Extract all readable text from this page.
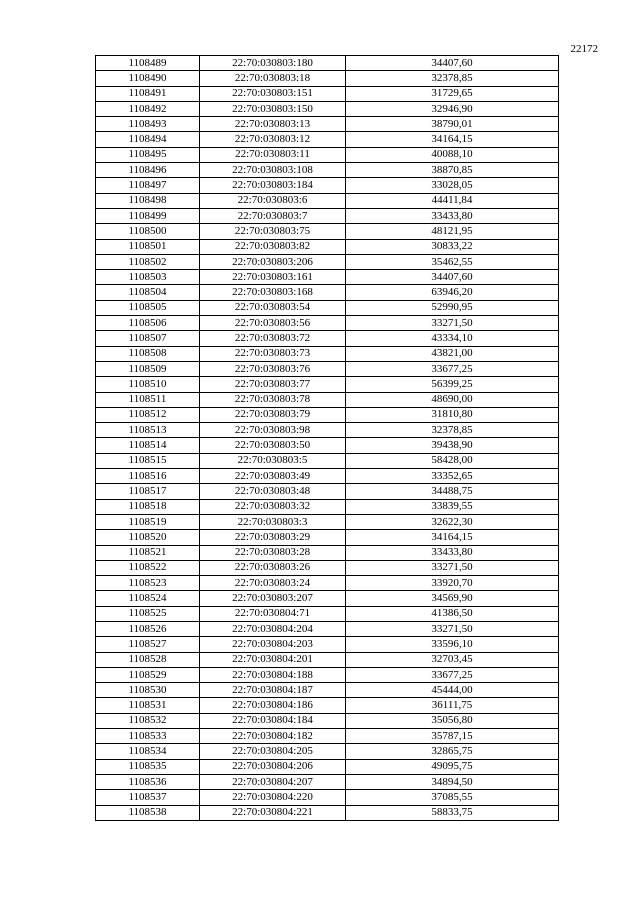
22172
1108489	22:70:030803:180	34407,60
1108490	22:70:030803:18	32378,85
1108491	22:70:030803:151	31729,65
1108492	22:70:030803:150	32946,90
1108493	22:70:030803:13	38790,01
1108494	22:70:030803:12	34164,15
1108495	22:70:030803:11	40088,10
1108496	22:70:030803:108	38870,85
1108497	22:70:030803:184	33028,05
1108498	22:70:030803:6	44411,84
1108499	22:70:030803:7	33433,80
1108500	22:70:030803:75	48121,95
1108501	22:70:030803:82	30833,22
1108502	22:70:030803:206	35462,55
1108503	22:70:030803:161	34407,60
1108504	22:70:030803:168	63946,20
1108505	22:70:030803:54	52990,95
1108506	22:70:030803:56	33271,50
1108507	22:70:030803:72	43334,10
1108508	22:70:030803:73	43821,00
1108509	22:70:030803:76	33677,25
1108510	22:70:030803:77	56399,25
1108511	22:70:030803:78	48690,00
1108512	22:70:030803:79	31810,80
1108513	22:70:030803:98	32378,85
1108514	22:70:030803:50	39438,90
1108515	22:70:030803:5	58428,00
1108516	22:70:030803:49	33352,65
1108517	22:70:030803:48	34488,75
1108518	22:70:030803:32	33839,55
1108519	22:70:030803:3	32622,30
1108520	22:70:030803:29	34164,15
1108521	22:70:030803:28	33433,80
1108522	22:70:030803:26	33271,50
1108523	22:70:030803:24	33920,70
1108524	22:70:030803:207	34569,90
1108525	22:70:030804:71	41386,50
1108526	22:70:030804:204	33271,50
1108527	22:70:030804:203	33596,10
1108528	22:70:030804:201	32703,45
1108529	22:70:030804:188	33677,25
1108530	22:70:030804:187	45444,00
1108531	22:70:030804:186	36111,75
1108532	22:70:030804:184	35056,80
1108533	22:70:030804:182	35787,15
1108534	22:70:030804:205	32865,75
1108535	22:70:030804:206	49095,75
1108536	22:70:030804:207	34894,50
1108537	22:70:030804:220	37085,55
1108538	22:70:030804:221	58833,75
